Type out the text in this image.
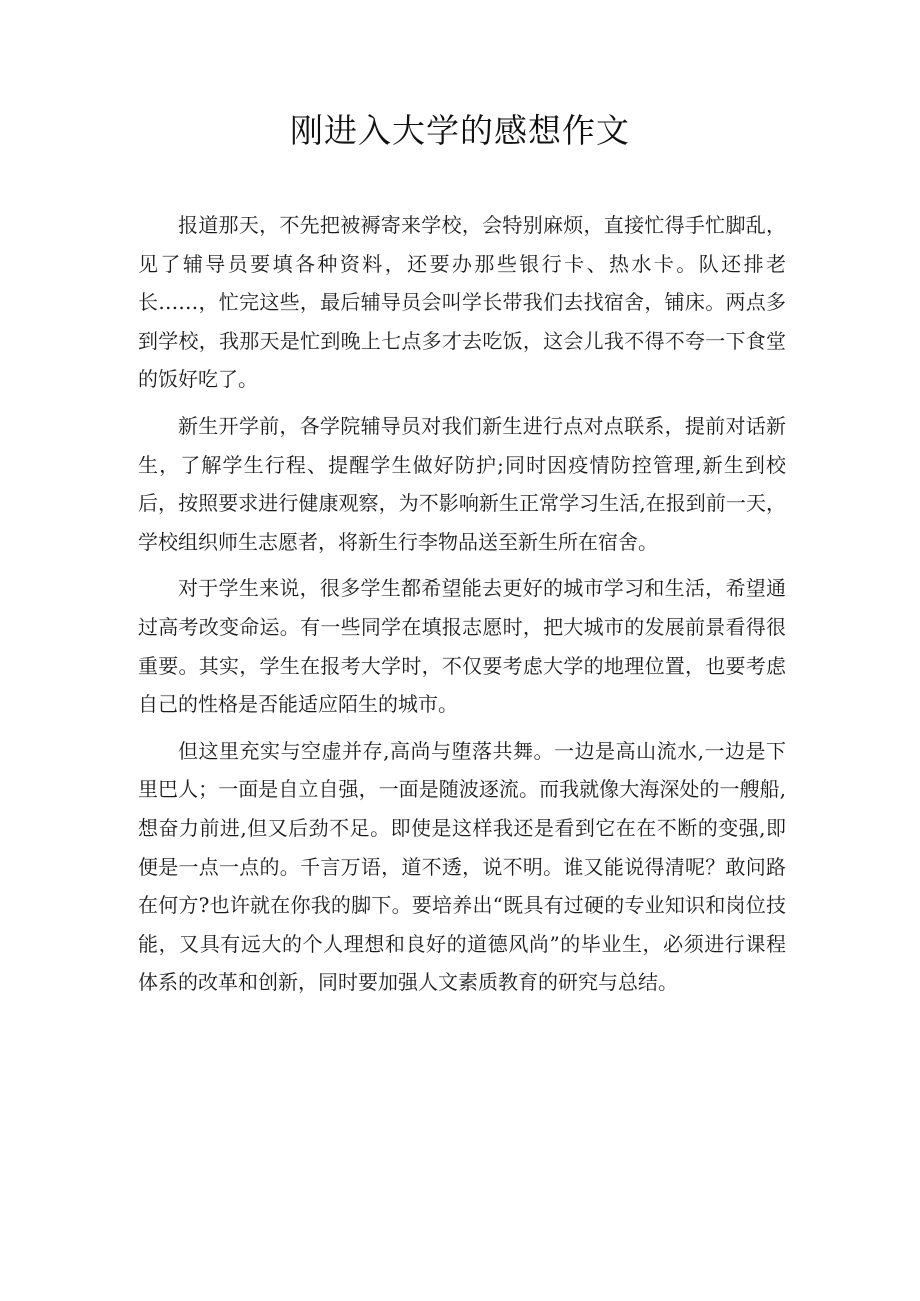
刚进入大学的感想作文

报道那天，不先把被褥寄来学校，会特别麻烦，直接忙得手忙脚乱，见了辅导员要填各种资料，还要办那些银行卡、热水卡。队还排老长……，忙完这些，最后辅导员会叫学长带我们去找宿舍，铺床。两点多到学校，我那天是忙到晚上七点多才去吃饭，这会儿我不得不夸一下食堂的饭好吃了。

新生开学前，各学院辅导员对我们新生进行点对点联系，提前对话新生，了解学生行程、提醒学生做好防护;同时因疫情防控管理,新生到校后，按照要求进行健康观察，为不影响新生正常学习生活,在报到前一天，学校组织师生志愿者，将新生行李物品送至新生所在宿舍。

对于学生来说，很多学生都希望能去更好的城市学习和生活，希望通过高考改变命运。有一些同学在填报志愿时，把大城市的发展前景看得很重要。其实，学生在报考大学时，不仅要考虑大学的地理位置，也要考虑自己的性格是否能适应陌生的城市。

但这里充实与空虚并存,高尚与堕落共舞。一边是高山流水,一边是下里巴人；一面是自立自强，一面是随波逐流。而我就像大海深处的一艘船,想奋力前进,但又后劲不足。即使是这样我还是看到它在在不断的变强,即便是一点一点的。千言万语，道不透，说不明。谁又能说得清呢？敢问路在何方?也许就在你我的脚下。要培养出“既具有过硬的专业知识和岗位技能，又具有远大的个人理想和良好的道德风尚”的毕业生，必须进行课程体系的改革和创新，同时要加强人文素质教育的研究与总结。
